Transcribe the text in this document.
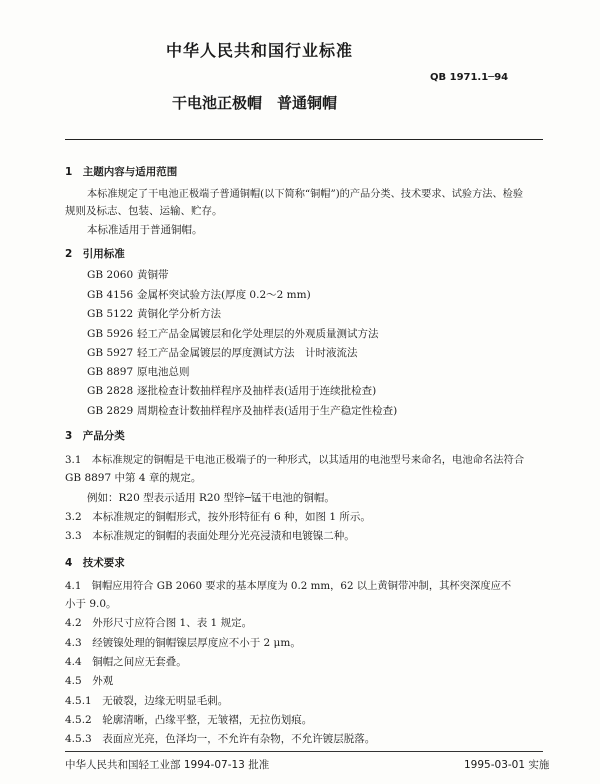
中华人民共和国行业标准
QB 1971.1─94
干电池正极帽　普通铜帽
1　主题内容与适用范围
本标准规定了干电池正极端子普通铜帽(以下简称“铜帽”)的产品分类、技术要求、试验方法、检验
规则及标志、包装、运输、贮存。
本标准适用于普通铜帽。
2　引用标准
GB 2060 黄铜带
GB 4156 金属杯突试验方法(厚度 0.2～2 mm)
GB 5122 黄铜化学分析方法
GB 5926 轻工产品金属镀层和化学处理层的外观质量测试方法
GB 5927 轻工产品金属镀层的厚度测试方法　计时液流法
GB 8897 原电池总则
GB 2828 逐批检查计数抽样程序及抽样表(适用于连续批检查)
GB 2829 周期检查计数抽样程序及抽样表(适用于生产稳定性检查)
3　产品分类
3.1　本标准规定的铜帽是干电池正极端子的一种形式，以其适用的电池型号来命名，电池命名法符合
GB 8897 中第 4 章的规定。
例如：R20 型表示适用 R20 型锌─锰干电池的铜帽。
3.2　本标准规定的铜帽形式，按外形特征有 6 种，如图 1 所示。
3.3　本标准规定的铜帽的表面处理分光亮浸渍和电镀镍二种。
4　技术要求
4.1　铜帽应用符合 GB 2060 要求的基本厚度为 0.2 mm，62 以上黄铜带冲制，其杯突深度应不
小于 9.0。
4.2　外形尺寸应符合图 1、表 1 规定。
4.3　经镀镍处理的铜帽镍层厚度应不小于 2 μm。
4.4　铜帽之间应无套叠。
4.5　外观
4.5.1　无破裂，边缘无明显毛刺。
4.5.2　轮廓清晰，凸缘平整，无皱褶，无拉伤划痕。
4.5.3　表面应光亮，色泽均一，不允许有杂物，不允许镀层脱落。
中华人民共和国轻工业部 1994-07-13 批准	1995-03-01 实施
